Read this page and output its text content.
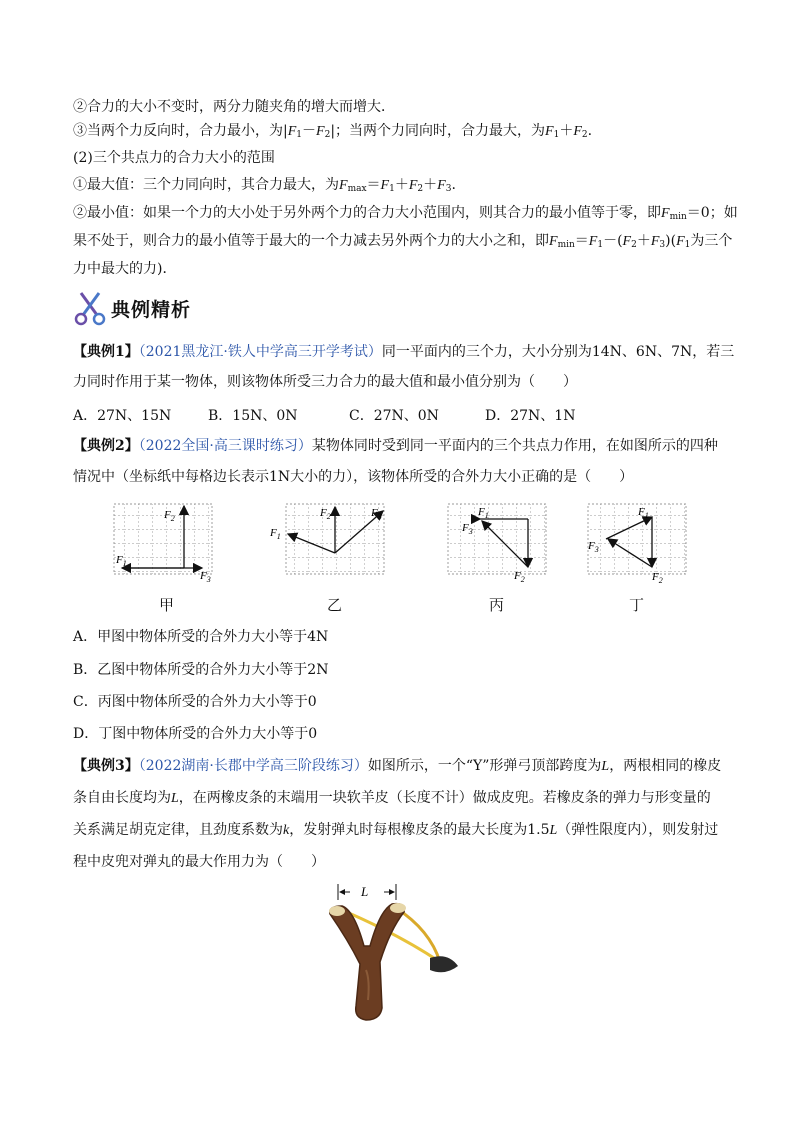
②合力的大小不变时，两分力随夹角的增大而增大．
③当两个力反向时，合力最小，为$|F_1-F_2|$；当两个力同向时，合力最大，为$F_1+F_2$.
(2)三个共点力的合力大小的范围
①最大值：三个力同向时，其合力最大，为$F_{max}=F_1+F_2+F_3$.
②最小值：如果一个力的大小处于另外两个力的合力大小范围内，则其合力的最小值等于零，即$F_{min}=0$；如
果不处于，则合力的最小值等于最大的一个力减去另外两个力的大小之和，即$F_{min}=F_1-(F_2+F_3)(F_1$为三个
力中最大的力)．
典例精析
【典例1】（2021黑龙江·铁人中学高三开学考试）同一平面内的三个力，大小分别为14N、6N、7N，若三
力同时作用于某一物体，则该物体所受三力合力的最大值和最小值分别为（　　）
A．27N、15N	B．15N、0N	C．27N、0N	D．27N、1N
【典例2】（2022全国·高三课时练习）某物体同时受到同一平面内的三个共点力作用，在如图所示的四种
情况中（坐标纸中每格边长表示1N大小的力），该物体所受的合外力大小正确的是（　　）
$F_2$
$F_1$
$F_3$
甲
$F_1$
$F_2$	$F_3$
乙
$F_1$
$F_3$
$F_2$
丙
$F_1$
$F_3$
$F_2$
丁
A．甲图中物体所受的合外力大小等于4N
B．乙图中物体所受的合外力大小等于2N
C．丙图中物体所受的合外力大小等于0
D．丁图中物体所受的合外力大小等于0
【典例3】（2022湖南·长郡中学高三阶段练习）如图所示，一个“Y”形弹弓顶部跨度为L，两根相同的橡皮
条自由长度均为L，在两橡皮条的末端用一块软羊皮（长度不计）做成皮兜。若橡皮条的弹力与形变量的
关系满足胡克定律，且劲度系数为k，发射弹丸时每根橡皮条的最大长度为1.5L（弹性限度内），则发射过
程中皮兜对弹丸的最大作用力为（　　）
L
